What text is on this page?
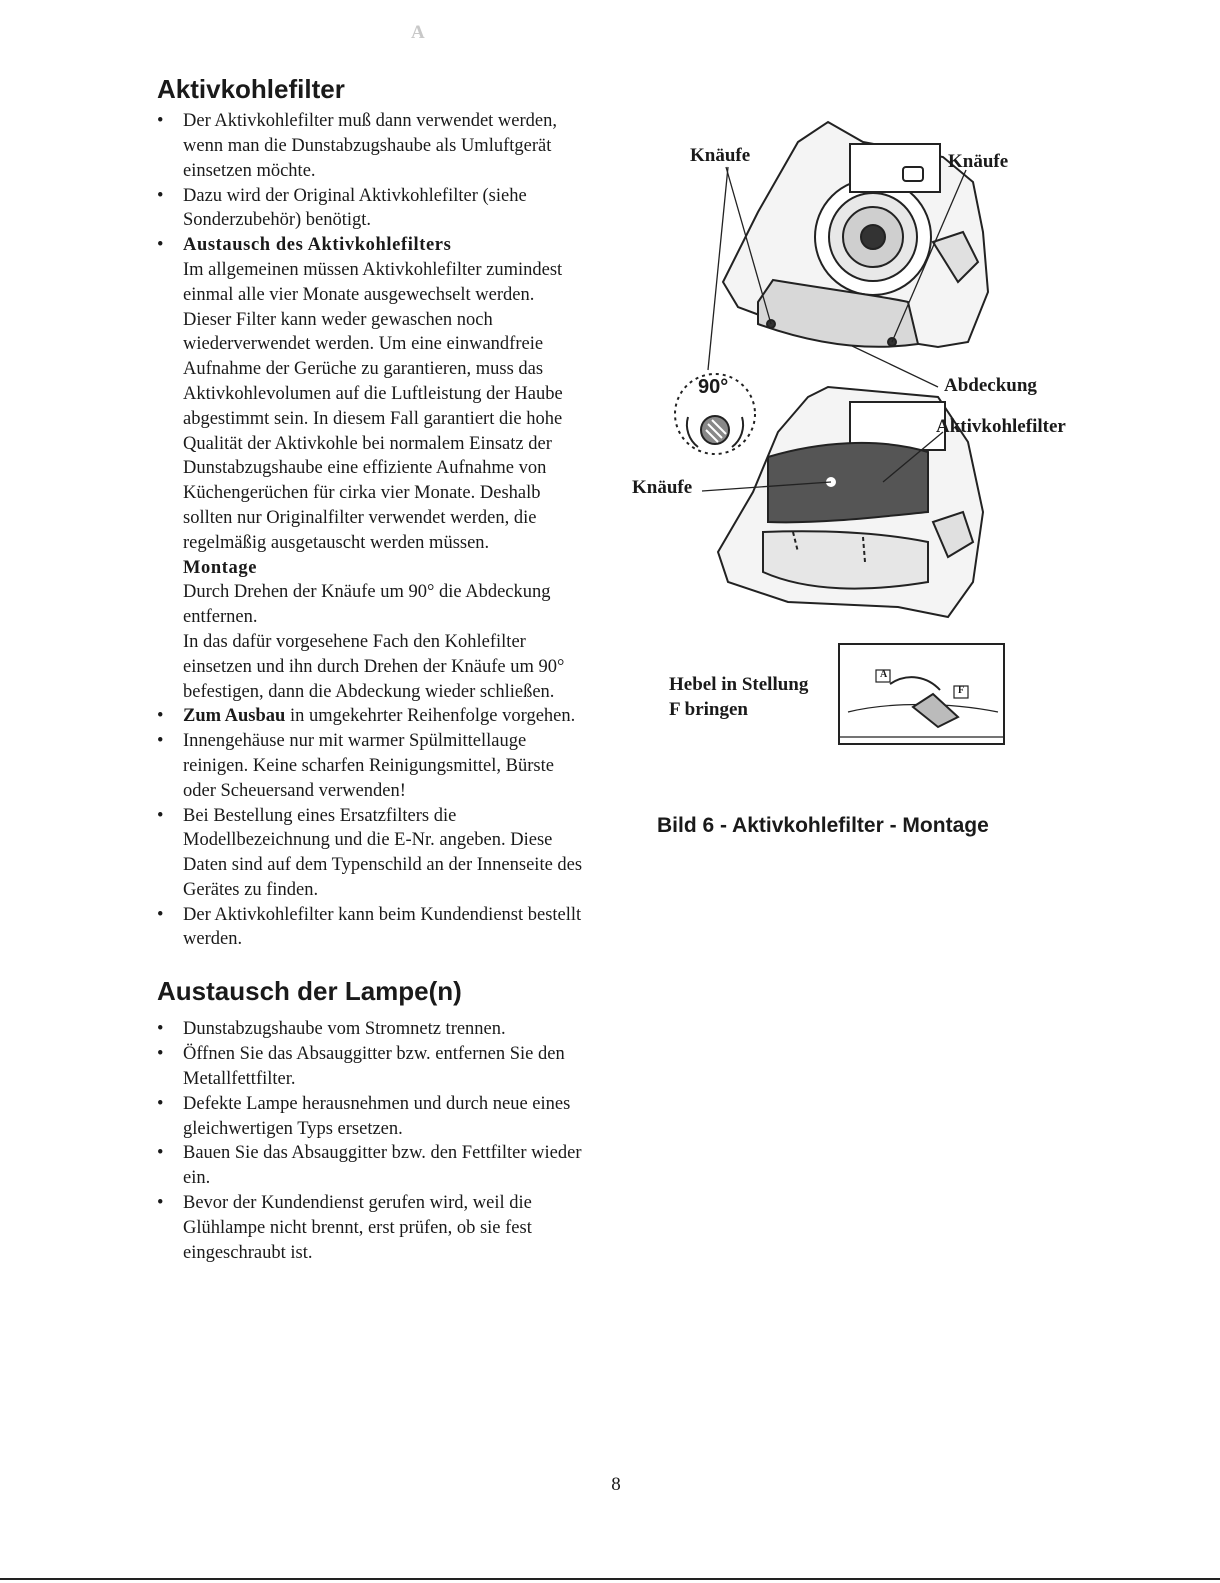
A
Aktivkohlefilter
• Der Aktivkohlefilter muß dann verwendet werden, wenn man die Dunstabzugshaube als Umluftgerät einsetzen möchte.
• Dazu wird der Original Aktivkohlefilter (siehe Sonderzubehör) benötigt.
• Austausch des Aktivkohlefilters
Im allgemeinen müssen Aktivkohlefilter zumindest einmal alle vier Monate ausgewechselt werden.
Dieser Filter kann weder gewaschen noch wiederverwendet werden. Um eine einwandfreie Aufnahme der Gerüche zu garantieren, muss das Aktivkohlevolumen auf die Luftleistung der Haube abgestimmt sein. In diesem Fall garantiert die hohe Qualität der Aktivkohle bei normalem Einsatz der Dunstabzugshaube eine effiziente Aufnahme von Küchengerüchen für cirka vier Monate. Deshalb sollten nur Originalfilter verwendet werden, die regelmäßig ausgetauscht werden müssen.
Montage
Durch Drehen der Knäufe um 90° die Abdeckung entfernen.
In das dafür vorgesehene Fach den Kohlefilter einsetzen und ihn durch Drehen der Knäufe um 90° befestigen, dann die Abdeckung wieder schließen.
• Zum Ausbau in umgekehrter Reihenfolge vorgehen.
• Innengehäuse nur mit warmer Spülmittellauge reinigen. Keine scharfen Reinigungsmittel, Bürste oder Scheuersand verwenden!
• Bei Bestellung eines Ersatzfilters die Modellbezeichnung und die E-Nr. angeben. Diese Daten sind auf dem Typenschild an der Innenseite des Gerätes zu finden.
• Der Aktivkohlefilter kann beim Kundendienst bestellt werden.
Austausch der Lampe(n)
• Dunstabzugshaube vom Stromnetz trennen.
• Öffnen Sie das Absauggitter bzw. entfernen Sie den Metallfettfilter.
• Defekte Lampe herausnehmen und durch neue eines gleichwertigen Typs ersetzen.
• Bauen Sie das Absauggitter bzw. den Fettfilter wieder ein.
• Bevor der Kundendienst gerufen wird, weil die Glühlampe nicht brennt, erst prüfen, ob sie fest eingeschraubt ist.
Knäufe	Knäufe
Abdeckung
Aktivkohlefilter
90°
Knäufe
Hebel in Stellung
F bringen
A
F
Bild 6 - Aktivkohlefilter - Montage
8
